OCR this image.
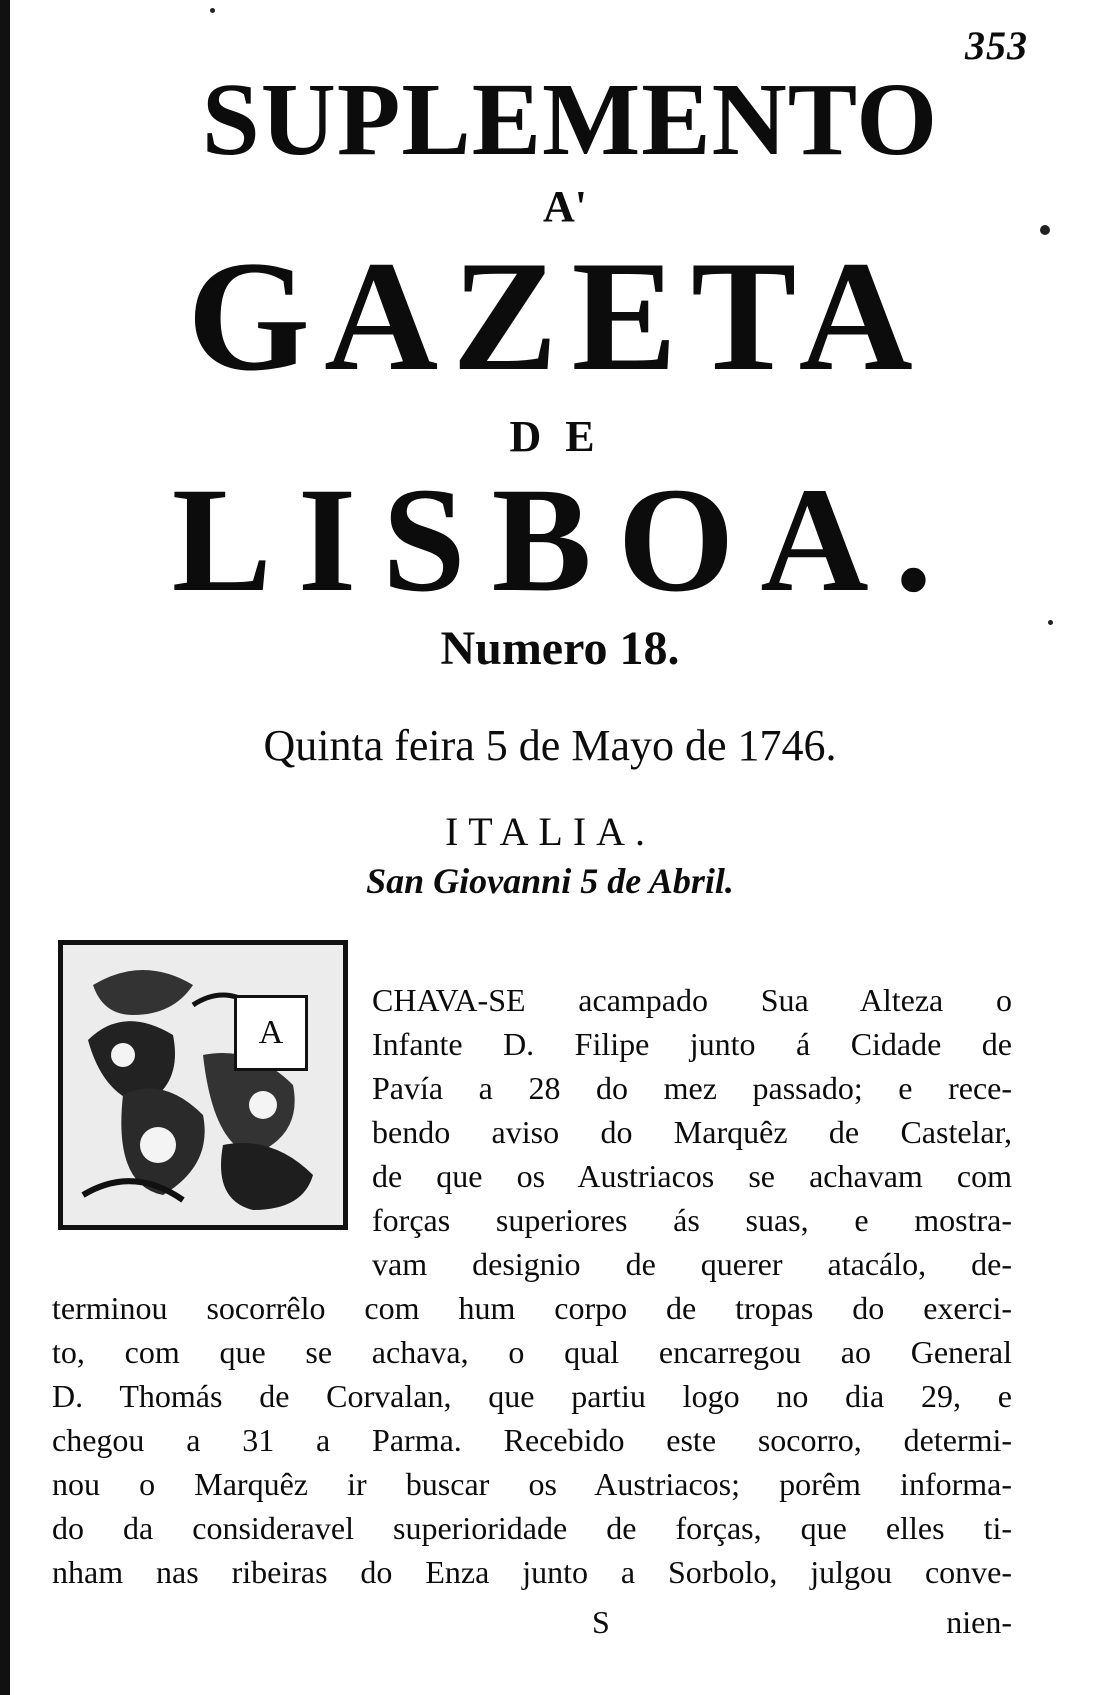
353
SUPLEMENTO
A'
GAZETA
DE
LISBOA.
Numero 18.
Quinta feira 5 de Mayo de 1746.
ITALIA.
San Giovanni 5 de Abril.
A
CHAVA-SE acampado Sua Alteza o
Infante D. Filipe junto á Cidade de
Pavía a 28 do mez passado; e rece-
bendo aviso do Marquêz de Castelar,
de que os Austriacos se achavam com
forças superiores ás suas, e mostra-
vam designio de querer atacálo, de-
terminou socorrêlo com hum corpo de tropas do exerci-
to, com que se achava, o qual encarregou ao General
D. Thomás de Corvalan, que partiu logo no dia 29, e
chegou a 31 a Parma. Recebido este socorro, determi-
nou o Marquêz ir buscar os Austriacos; porêm informa-
do da consideravel superioridade de forças, que elles ti-
nham nas ribeiras do Enza junto a Sorbolo, julgou conve-
S	nien-
